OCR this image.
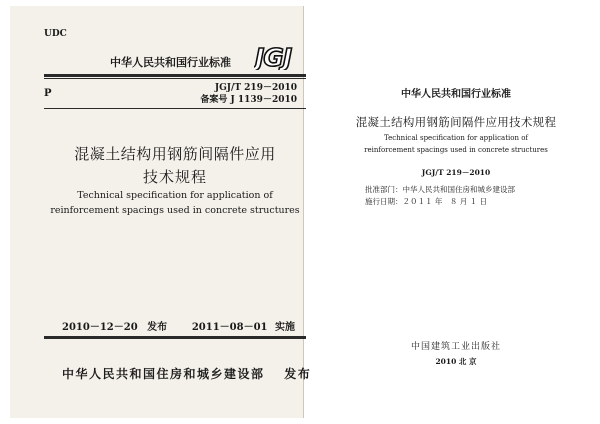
UDC
中华人民共和国行业标准 JGJ
P	JGJ/T 219－2010
备案号 J 1139－2010
混凝土结构用钢筋间隔件应用
技术规程
Technical specification for application of
reinforcement spacings used in concrete structures
2010－12－20 发布 2011－08－01 实施
中华人民共和国住房和城乡建设部 发布
中华人民共和国行业标准
混凝土结构用钢筋间隔件应用技术规程
Technical specification for application of
reinforcement spacings used in concrete structures
JGJ/T 219－2010
批准部门：中华人民共和国住房和城乡建设部
施行日期：２０１１ 年　８ 月 １ 日
中国建筑工业出版社
2010 北 京
